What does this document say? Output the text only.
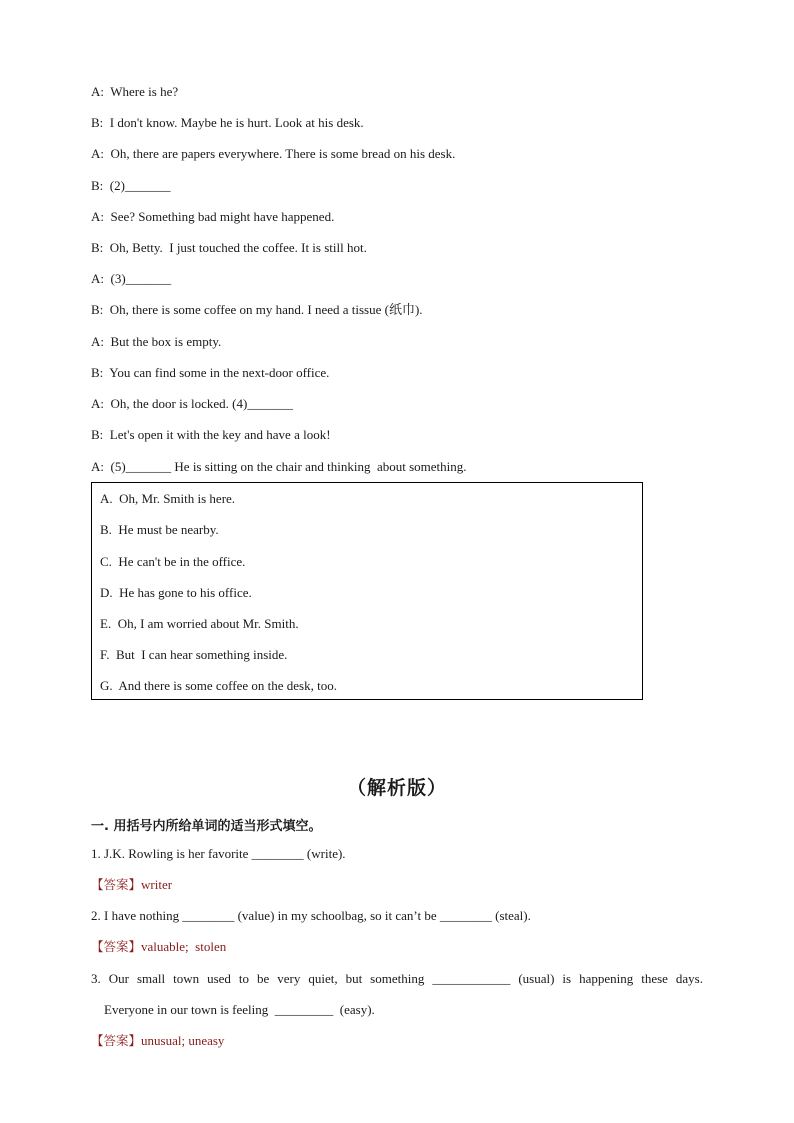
A:  Where is he?
B:  I don't know. Maybe he is hurt. Look at his desk.
A:  Oh, there are papers everywhere. There is some bread on his desk.
B:  (2)_______
A:  See? Something bad might have happened.
B:  Oh, Betty.  I just touched the coffee. It is still hot.
A:  (3)_______
B:  Oh, there is some coffee on my hand. I need a tissue (纸巾).
A:  But the box is empty.
B:  You can find some in the next-door office.
A:  Oh, the door is locked. (4)_______
B:  Let's open it with the key and have a look!
A:  (5)_______ He is sitting on the chair and thinking  about something.
A.  Oh, Mr. Smith is here.
B.  He must be nearby.
C.  He can't be in the office.
D.  He has gone to his office.
E.  Oh, I am worried about Mr. Smith.
F.  But  I can hear something inside.
G.  And there is some coffee on the desk, too.
（解析版）
一. 用括号内所给单词的适当形式填空。
1. J.K. Rowling is her favorite ________ (write).
【答案】writer
2. I have nothing ________ (value) in my schoolbag, so it can’t be ________ (steal).
【答案】valuable;  stolen
3. Our small town used to be very quiet, but something ____________ (usual) is happening these days.
Everyone in our town is feeling  _________  (easy).
【答案】unusual; uneasy
